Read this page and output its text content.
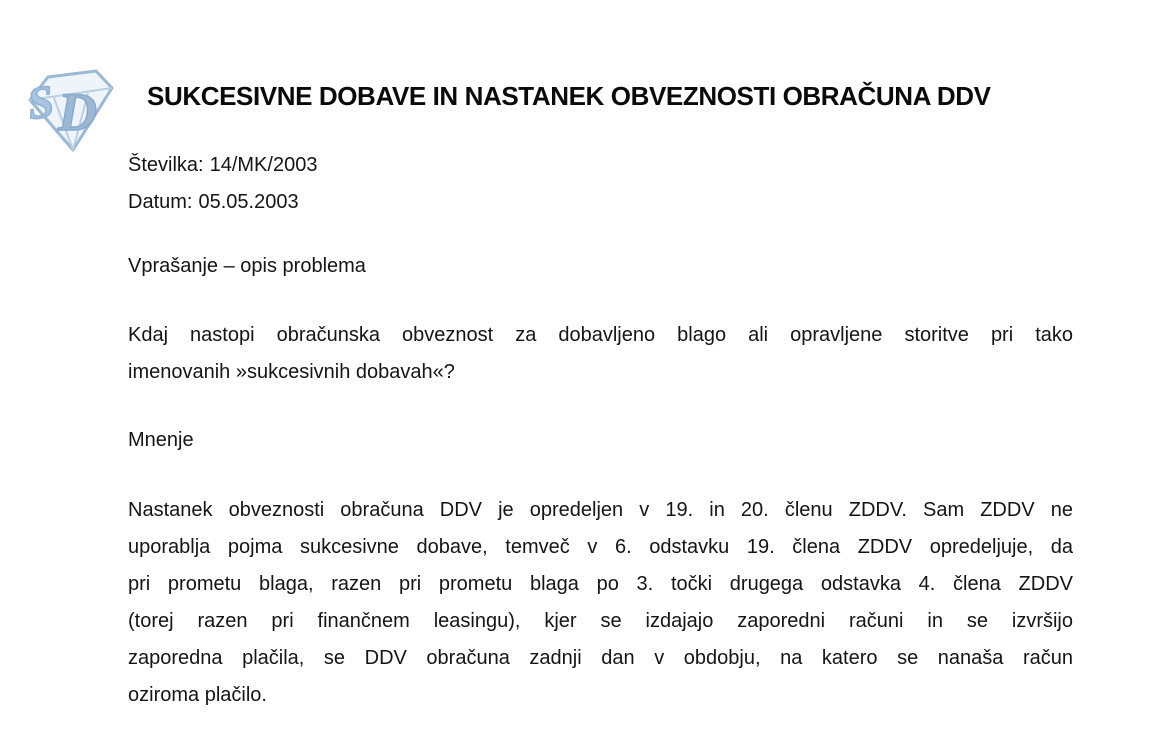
S D SUKCESIVNE DOBAVE IN NASTANEK OBVEZNOSTI OBRAČUNA DDV
Številka: 14/MK/2003
Datum: 05.05.2003
Vprašanje – opis problema
Kdaj nastopi obračunska obveznost za dobavljeno blago ali opravljene storitve pri tako
imenovanih »sukcesivnih dobavah«?
Mnenje
Nastanek obveznosti obračuna DDV je opredeljen v 19. in 20. členu ZDDV. Sam ZDDV ne
uporablja pojma sukcesivne dobave, temveč v 6. odstavku 19. člena ZDDV opredeljuje, da
pri prometu blaga, razen pri prometu blaga po 3. točki drugega odstavka 4. člena ZDDV
(torej razen pri finančnem leasingu), kjer se izdajajo zaporedni računi in se izvršijo
zaporedna plačila, se DDV obračuna zadnji dan v obdobju, na katero se nanaša račun
oziroma plačilo.
